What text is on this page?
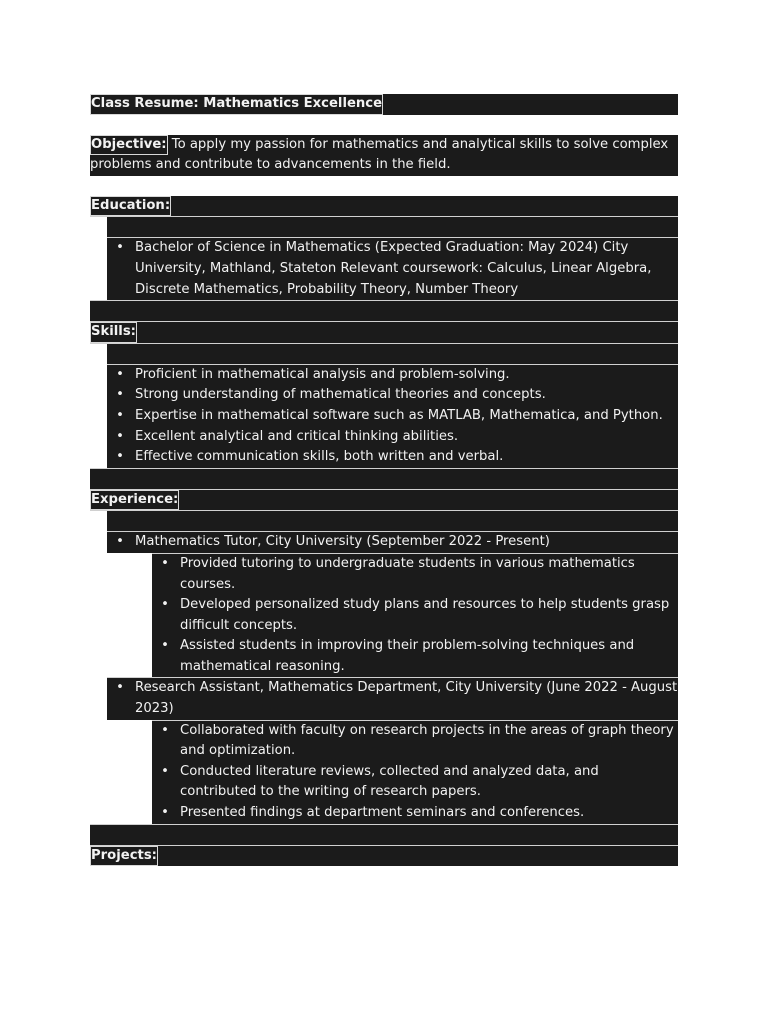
Class Resume: Mathematics Excellence
Objective: To apply my passion for mathematics and analytical skills to solve complex problems and contribute to advancements in the field.
Education:
• Bachelor of Science in Mathematics (Expected Graduation: May 2024) City University, Mathland, Stateton Relevant coursework: Calculus, Linear Algebra, Discrete Mathematics, Probability Theory, Number Theory
Skills:
• Proficient in mathematical analysis and problem-solving.
• Strong understanding of mathematical theories and concepts.
• Expertise in mathematical software such as MATLAB, Mathematica, and Python.
• Excellent analytical and critical thinking abilities.
• Effective communication skills, both written and verbal.
Experience:
• Mathematics Tutor, City University (September 2022 - Present)
• Provided tutoring to undergraduate students in various mathematics courses.
• Developed personalized study plans and resources to help students grasp difficult concepts.
• Assisted students in improving their problem-solving techniques and mathematical reasoning.
• Research Assistant, Mathematics Department, City University (June 2022 - August 2023)
• Collaborated with faculty on research projects in the areas of graph theory and optimization.
• Conducted literature reviews, collected and analyzed data, and contributed to the writing of research papers.
• Presented findings at department seminars and conferences.
Projects:
